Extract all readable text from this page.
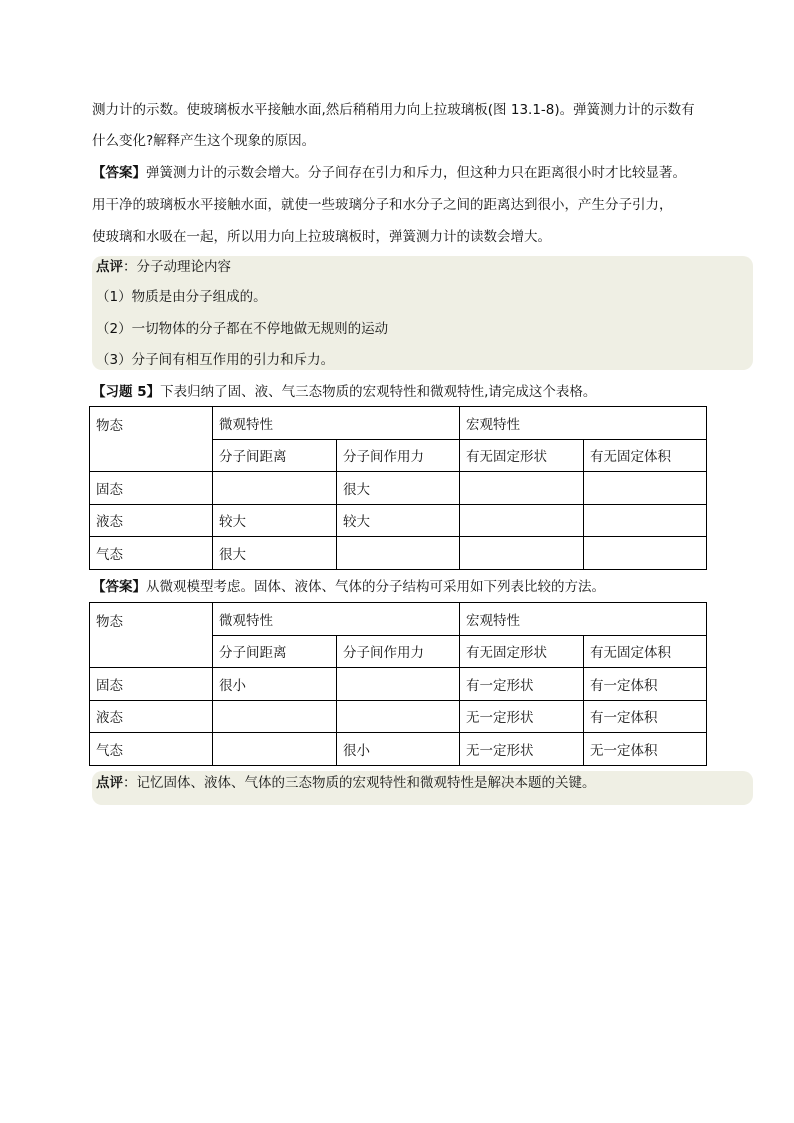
测力计的示数。使玻璃板水平接触水面,然后稍稍用力向上拉玻璃板(图 13.1-8)。弹簧测力计的示数有
什么变化?解释产生这个现象的原因。
【答案】弹簧测力计的示数会增大。分子间存在引力和斥力，但这种力只在距离很小时才比较显著。
用干净的玻璃板水平接触水面，就使一些玻璃分子和水分子之间的距离达到很小，产生分子引力，
使玻璃和水吸在一起，所以用力向上拉玻璃板时，弹簧测力计的读数会增大。
点评：分子动理论内容
（1）物质是由分子组成的。
（2）一切物体的分子都在不停地做无规则的运动
（3）分子间有相互作用的引力和斥力。
【习题 5】下表归纳了固、液、气三态物质的宏观特性和微观特性,请完成这个表格。
物态	微观特性		宏观特性	
	分子间距离	分子间作用力	有无固定形状	有无固定体积
固态		很大		
液态	较大	较大		
气态	很大			
【答案】从微观模型考虑。固体、液体、气体的分子结构可采用如下列表比较的方法。
物态	微观特性		宏观特性	
	分子间距离	分子间作用力	有无固定形状	有无固定体积
固态	很小		有一定形状	有一定体积
液态			无一定形状	有一定体积
气态		很小	无一定形状	无一定体积
点评：记忆固体、液体、气体的三态物质的宏观特性和微观特性是解决本题的关键。
